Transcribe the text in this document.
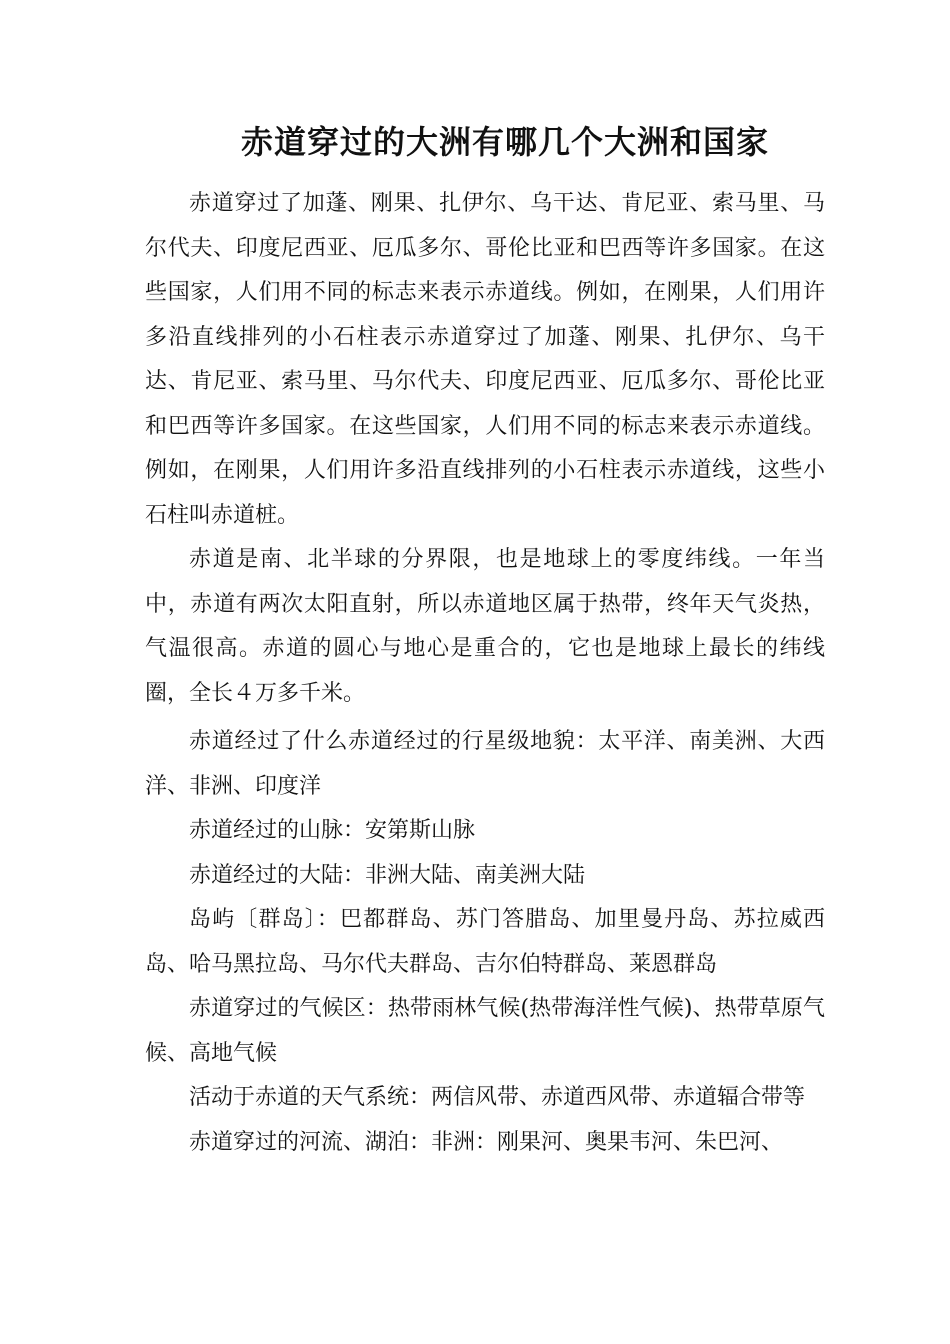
赤道穿过的大洲有哪几个大洲和国家

赤道穿过了加蓬、刚果、扎伊尔、乌干达、肯尼亚、索马里、马尔代夫、印度尼西亚、厄瓜多尔、哥伦比亚和巴西等许多国家。在这些国家，人们用不同的标志来表示赤道线。例如，在刚果，人们用许多沿直线排列的小石柱表示赤道穿过了加蓬、刚果、扎伊尔、乌干达、肯尼亚、索马里、马尔代夫、印度尼西亚、厄瓜多尔、哥伦比亚和巴西等许多国家。在这些国家，人们用不同的标志来表示赤道线。例如，在刚果，人们用许多沿直线排列的小石柱表示赤道线，这些小石柱叫赤道桩。

赤道是南、北半球的分界限，也是地球上的零度纬线。一年当中，赤道有两次太阳直射，所以赤道地区属于热带，终年天气炎热，气温很高。赤道的圆心与地心是重合的，它也是地球上最长的纬线圈，全长４万多千米。

赤道经过了什么赤道经过的行星级地貌：太平洋、南美洲、大西洋、非洲、印度洋

赤道经过的山脉：安第斯山脉

赤道经过的大陆：非洲大陆、南美洲大陆

岛屿〔群岛〕：巴都群岛、苏门答腊岛、加里曼丹岛、苏拉威西岛、哈马黑拉岛、马尔代夫群岛、吉尔伯特群岛、莱恩群岛

赤道穿过的气候区：热带雨林气候(热带海洋性气候)、热带草原气候、高地气候

活动于赤道的天气系统：两信风带、赤道西风带、赤道辐合带等

赤道穿过的河流、湖泊：非洲：刚果河、奥果韦河、朱巴河、
